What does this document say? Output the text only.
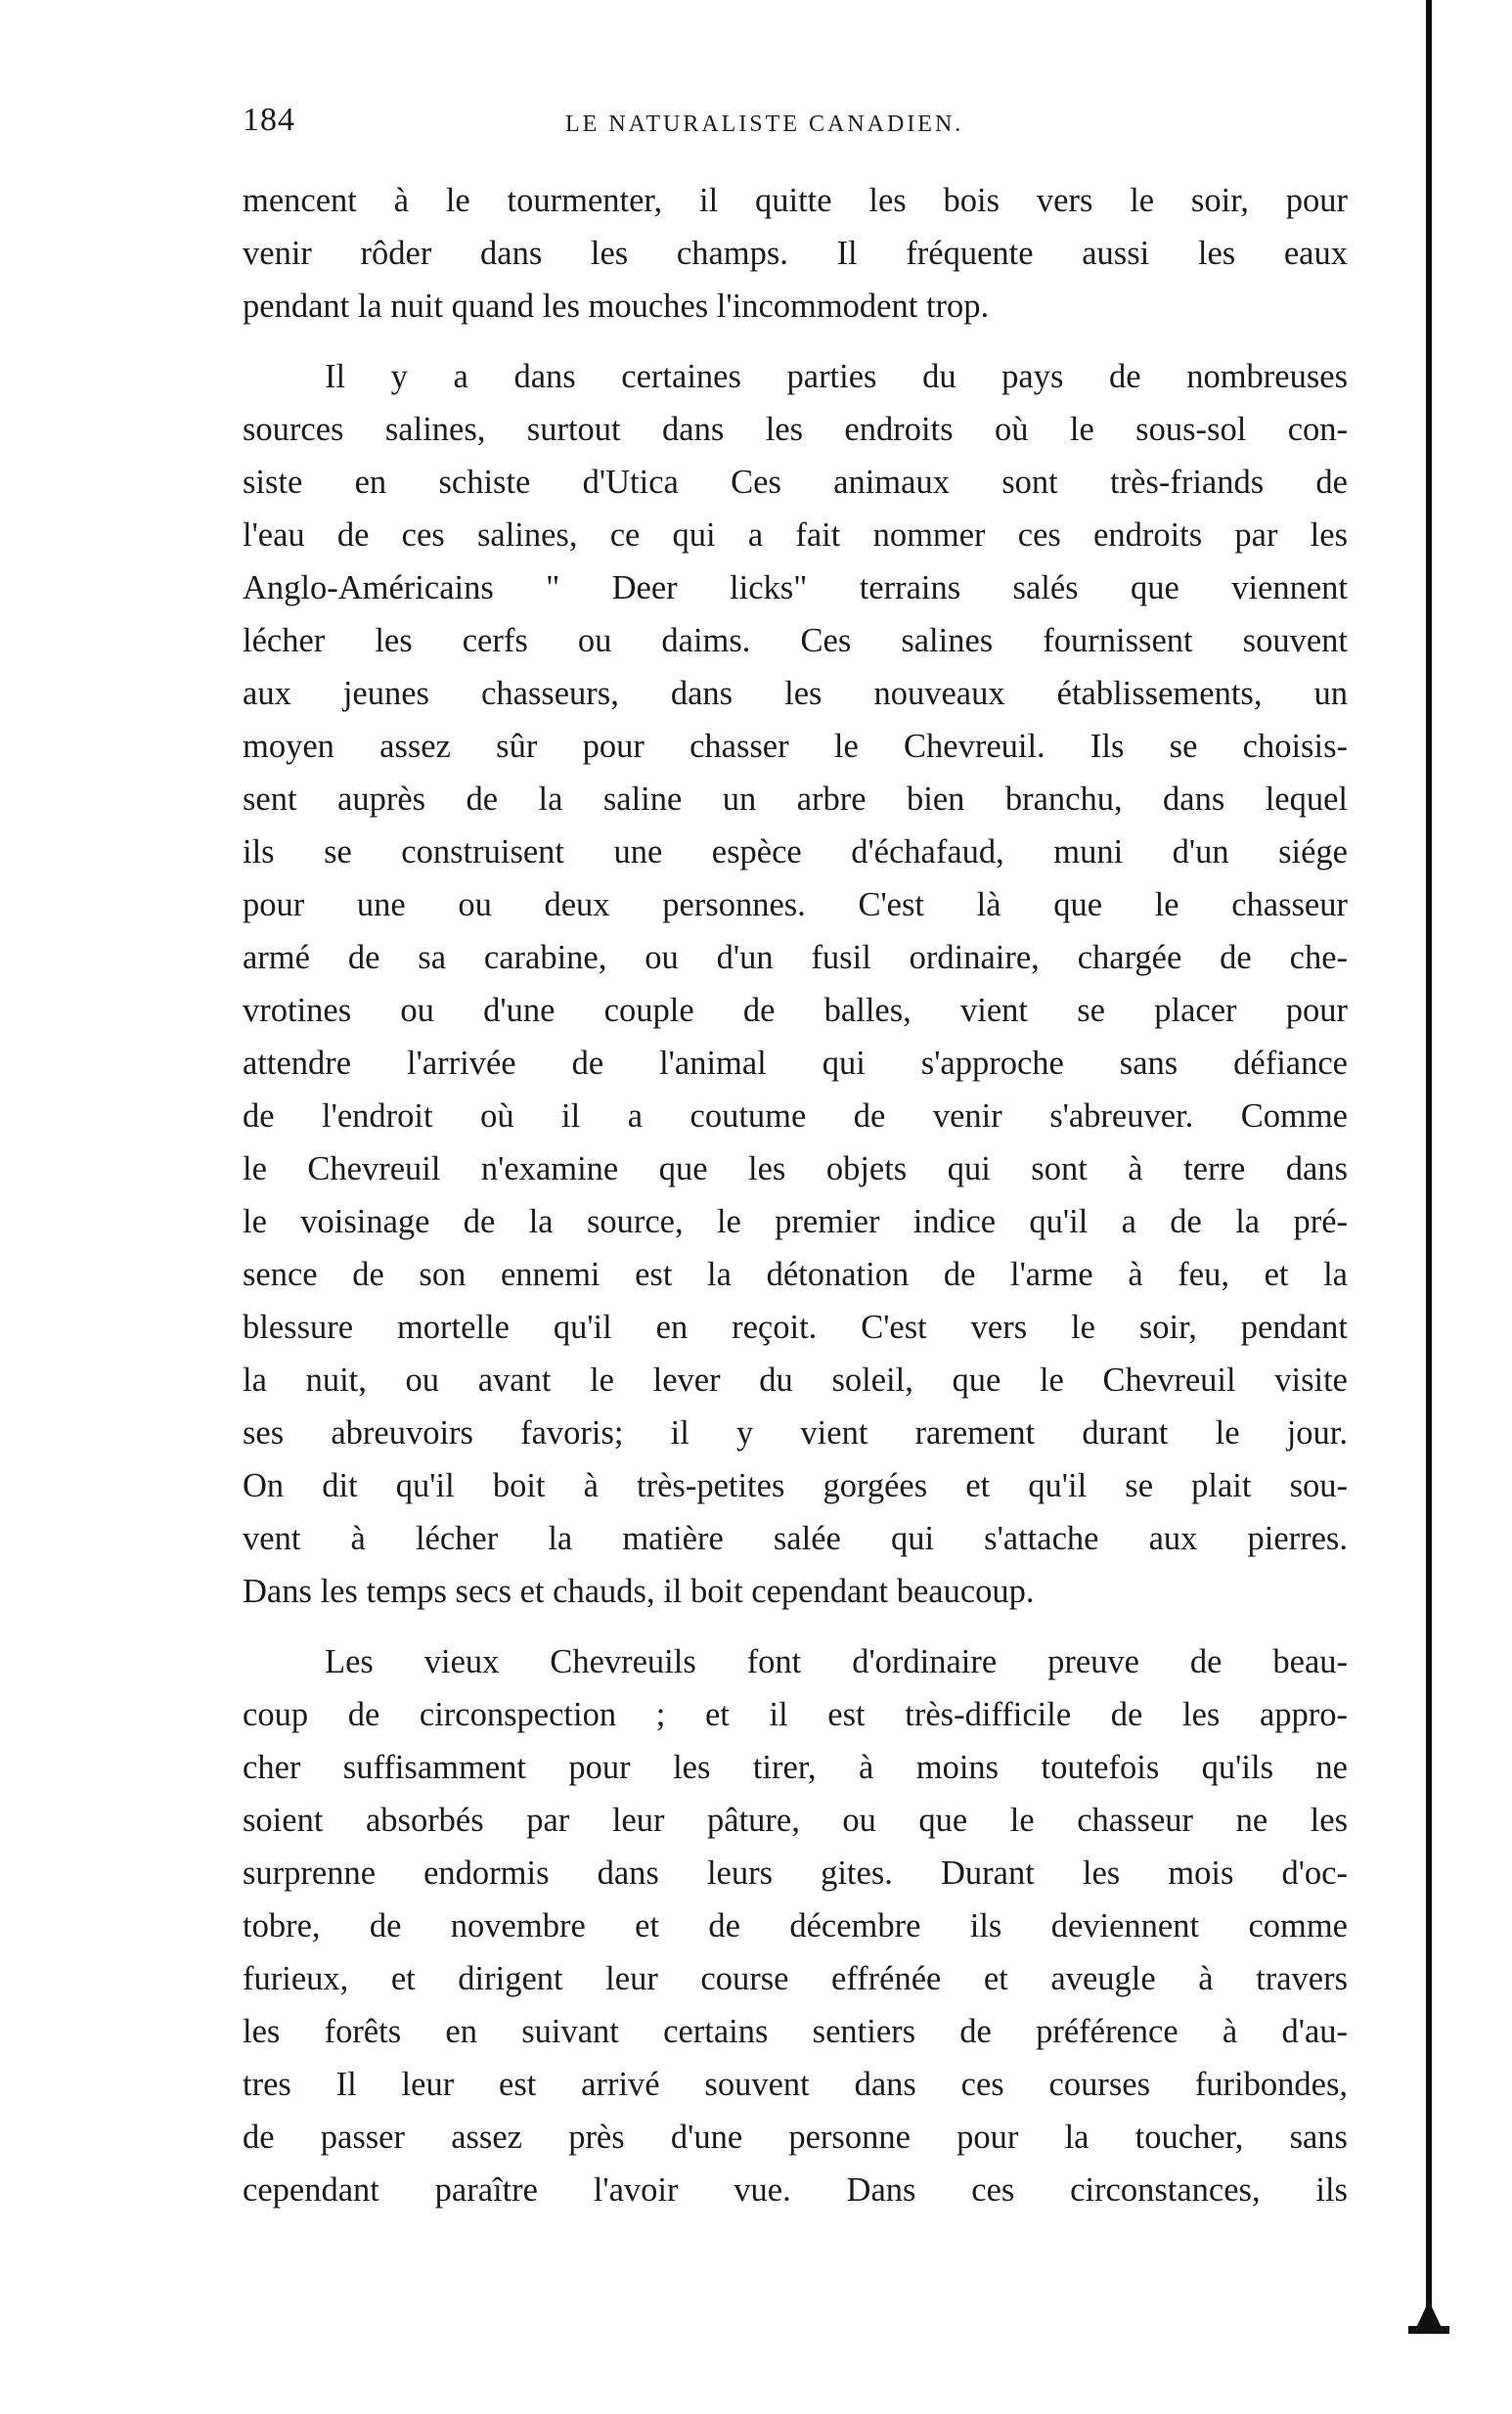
184	LE NATURALISTE CANADIEN.
mencent à le tourmenter, il quitte les bois vers le soir, pour
venir rôder dans les champs. Il fréquente aussi les eaux
pendant la nuit quand les mouches l'incommodent trop.
Il y a dans certaines parties du pays de nombreuses
sources salines, surtout dans les endroits où le sous-sol con-
siste en schiste d'Utica Ces animaux sont très-friands de
l'eau de ces salines, ce qui a fait nommer ces endroits par les
Anglo-Américains " Deer licks" terrains salés que viennent
lécher les cerfs ou daims. Ces salines fournissent souvent
aux jeunes chasseurs, dans les nouveaux établissements, un
moyen assez sûr pour chasser le Chevreuil. Ils se choisis-
sent auprès de la saline un arbre bien branchu, dans lequel
ils se construisent une espèce d'échafaud, muni d'un siége
pour une ou deux personnes. C'est là que le chasseur
armé de sa carabine, ou d'un fusil ordinaire, chargée de che-
vrotines ou d'une couple de balles, vient se placer pour
attendre l'arrivée de l'animal qui s'approche sans défiance
de l'endroit où il a coutume de venir s'abreuver. Comme
le Chevreuil n'examine que les objets qui sont à terre dans
le voisinage de la source, le premier indice qu'il a de la pré-
sence de son ennemi est la détonation de l'arme à feu, et la
blessure mortelle qu'il en reçoit. C'est vers le soir, pendant
la nuit, ou avant le lever du soleil, que le Chevreuil visite
ses abreuvoirs favoris; il y vient rarement durant le jour.
On dit qu'il boit à très-petites gorgées et qu'il se plait sou-
vent à lécher la matière salée qui s'attache aux pierres.
Dans les temps secs et chauds, il boit cependant beaucoup.
Les vieux Chevreuils font d'ordinaire preuve de beau-
coup de circonspection ; et il est très-difficile de les appro-
cher suffisamment pour les tirer, à moins toutefois qu'ils ne
soient absorbés par leur pâture, ou que le chasseur ne les
surprenne endormis dans leurs gites. Durant les mois d'oc-
tobre, de novembre et de décembre ils deviennent comme
furieux, et dirigent leur course effrénée et aveugle à travers
les forêts en suivant certains sentiers de préférence à d'au-
tres Il leur est arrivé souvent dans ces courses furibondes,
de passer assez près d'une personne pour la toucher, sans
cependant paraître l'avoir vue. Dans ces circonstances, ils
